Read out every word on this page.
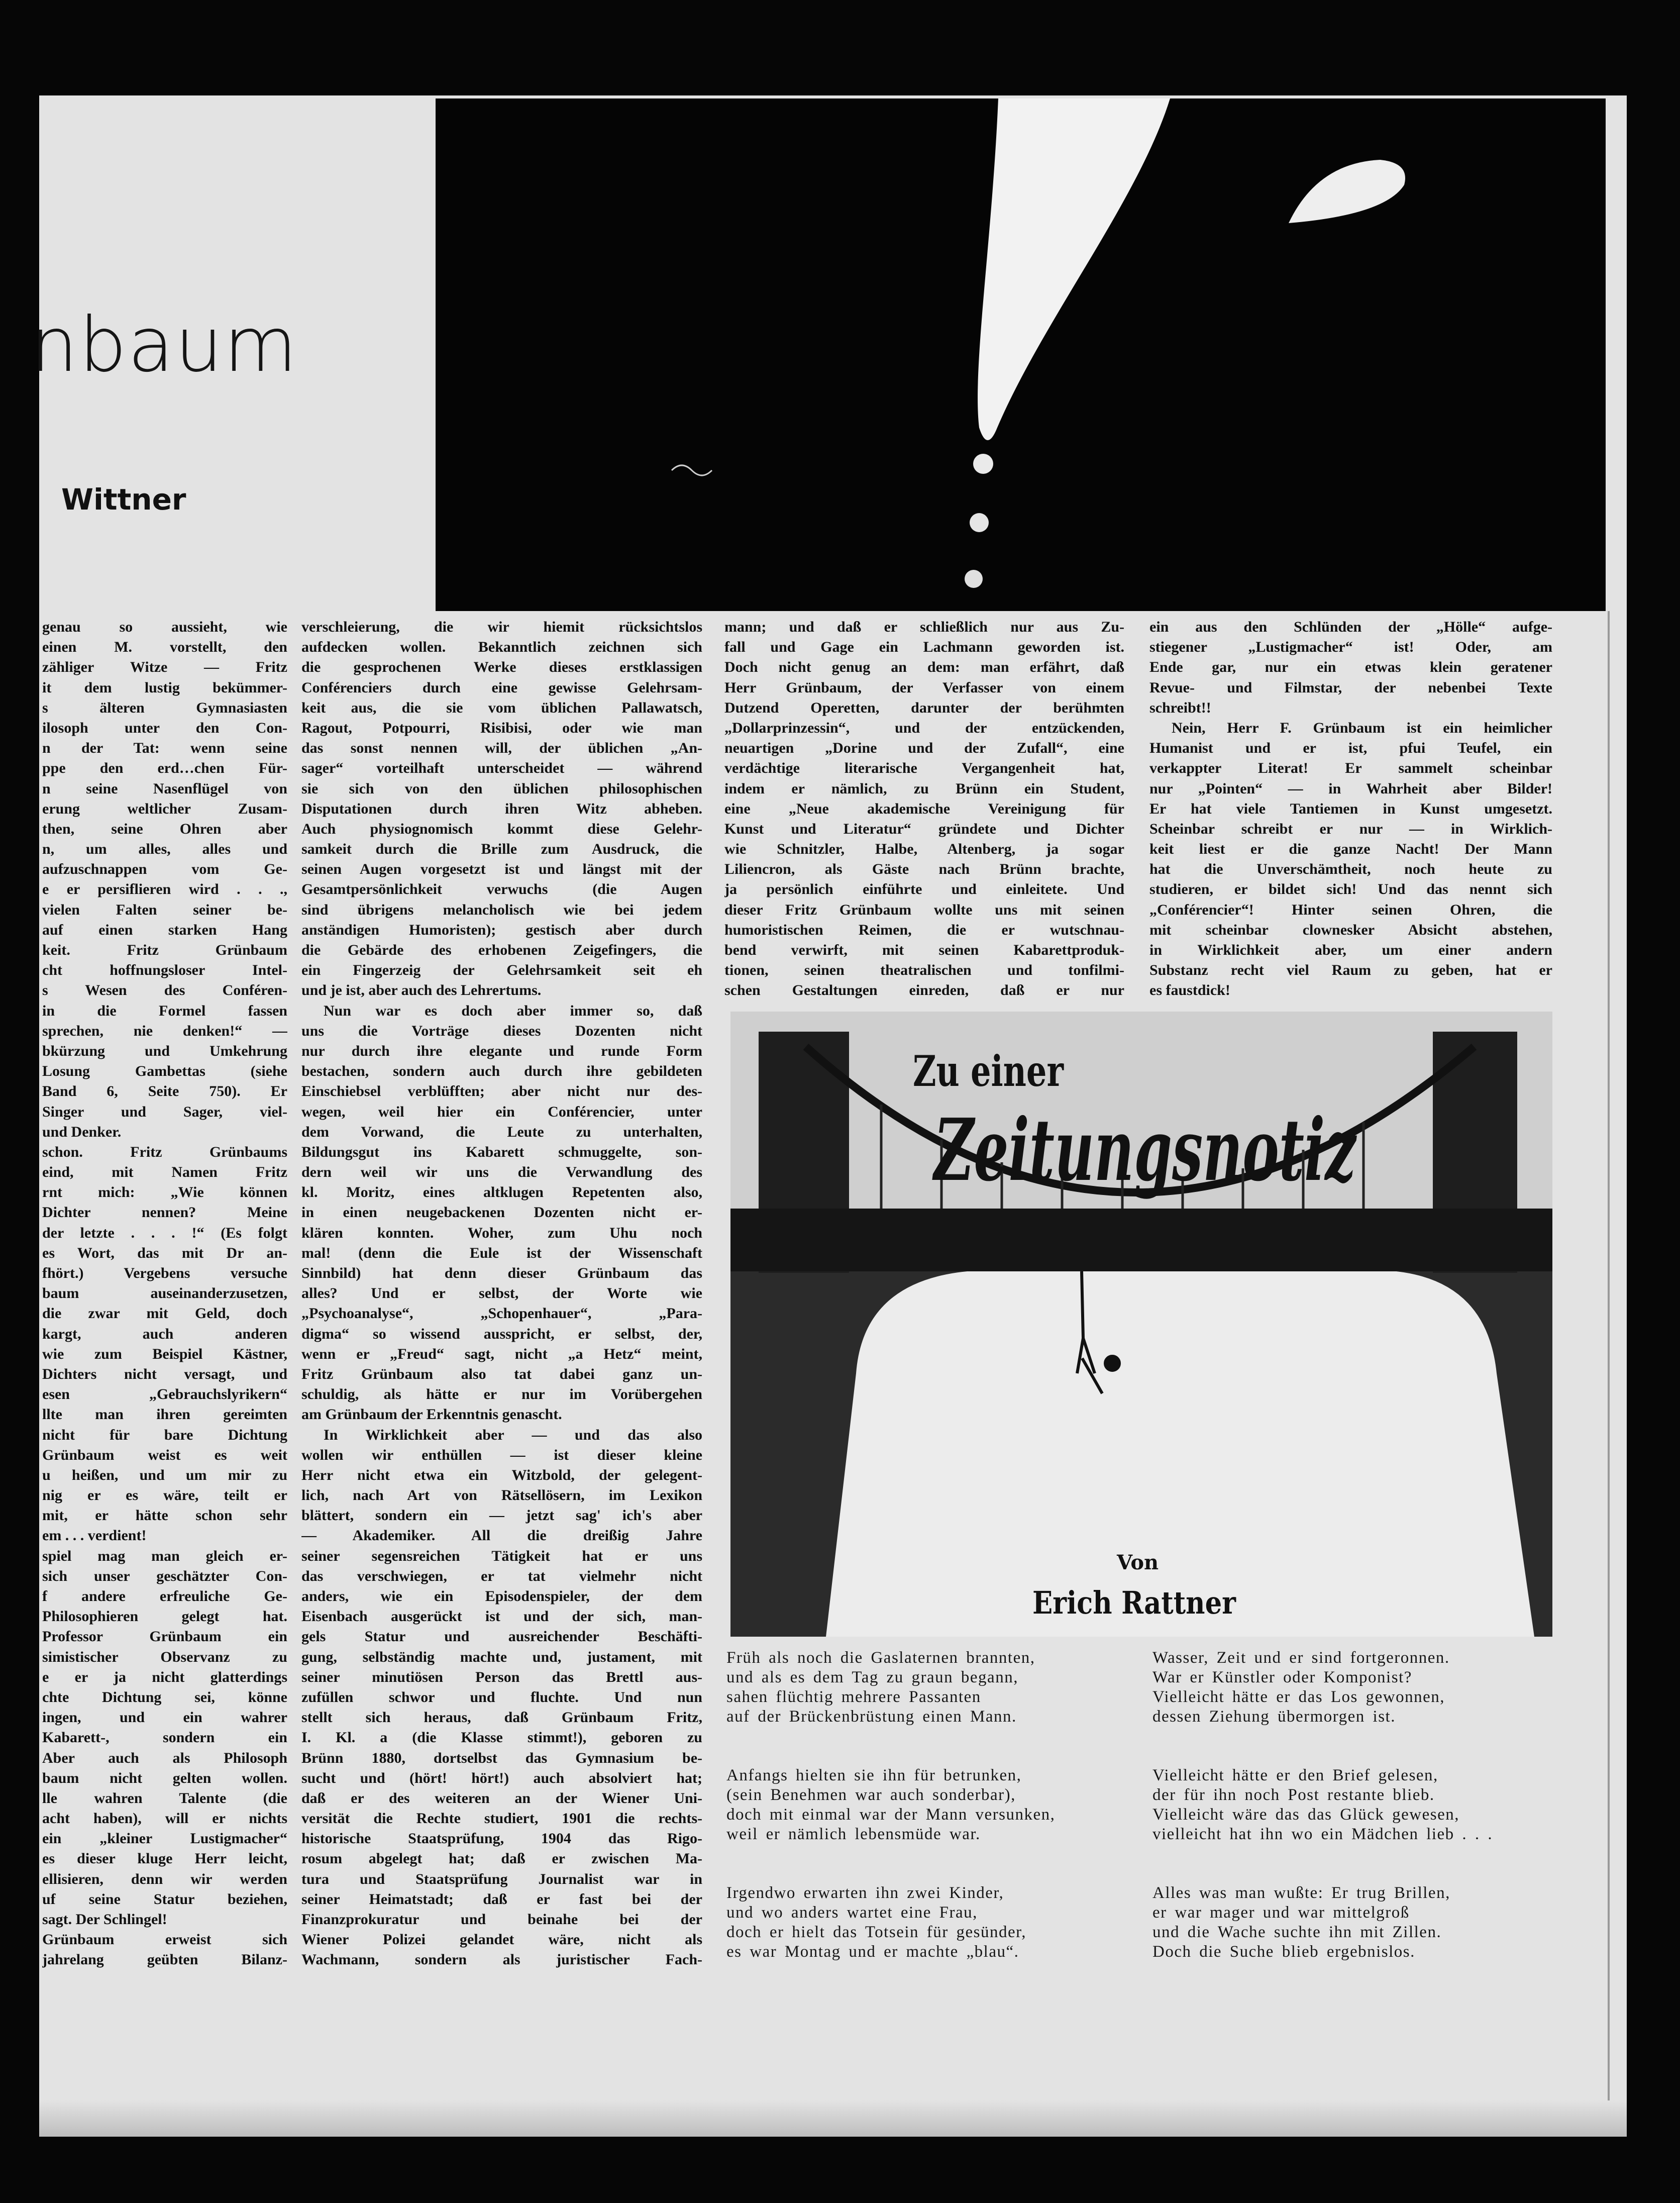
nbaum
Wittner
genau so aussieht, wie
einen M. vorstellt, den
zähliger Witze — Fritz
it dem lustig bekümmer-
s älteren Gymnasiasten
ilosoph unter den Con-
n der Tat: wenn seine
ppe den erd…chen Für-
n seine Nasenflügel von
erung weltlicher Zusam-
then, seine Ohren aber
n, um alles, alles und
aufzuschnappen vom Ge-
e er persiflieren wird . . .,
vielen Falten seiner be-
auf einen starken Hang
keit. Fritz Grünbaum
cht hoffnungsloser Intel-
s Wesen des Conféren-
in die Formel fassen
sprechen, nie denken!“ —
bkürzung und Umkehrung
Losung Gambettas (siehe
Band 6, Seite 750). Er
Singer und Sager, viel-
und Denker.
schon. Fritz Grünbaums
eind, mit Namen Fritz
rnt mich: „Wie können
Dichter nennen? Meine
der letzte . . . !“ (Es folgt
es Wort, das mit Dr an-
fhört.) Vergebens versuche
baum auseinanderzusetzen,
die zwar mit Geld, doch
kargt, auch anderen
wie zum Beispiel Kästner,
Dichters nicht versagt, und
esen „Gebrauchslyrikern“
llte man ihren gereimten
nicht für bare Dichtung
Grünbaum weist es weit
u heißen, und um mir zu
nig er es wäre, teilt er
mit, er hätte schon sehr
em . . . verdient!
spiel mag man gleich er-
sich unser geschätzter Con-
f andere erfreuliche Ge-
Philosophieren gelegt hat.
Professor Grünbaum ein
simistischer Observanz zu
e er ja nicht glatterdings
chte Dichtung sei, könne
ingen, und ein wahrer
Kabarett-, sondern ein
Aber auch als Philosoph
baum nicht gelten wollen.
lle wahren Talente (die
acht haben), will er nichts
ein „kleiner Lustigmacher“
es dieser kluge Herr leicht,
ellisieren, denn wir werden
uf seine Statur beziehen,
sagt. Der Schlingel!
Grünbaum erweist sich
jahrelang geübten Bilanz-
verschleierung, die wir hiemit rücksichtslos
aufdecken wollen. Bekanntlich zeichnen sich
die gesprochenen Werke dieses erstklassigen
Conférenciers durch eine gewisse Gelehrsam-
keit aus, die sie vom üblichen Pallawatsch,
Ragout, Potpourri, Risibisi, oder wie man
das sonst nennen will, der üblichen „An-
sager“ vorteilhaft unterscheidet — während
sie sich von den üblichen philosophischen
Disputationen durch ihren Witz abheben.
Auch physiognomisch kommt diese Gelehr-
samkeit durch die Brille zum Ausdruck, die
seinen Augen vorgesetzt ist und längst mit der
Gesamtpersönlichkeit verwuchs (die Augen
sind übrigens melancholisch wie bei jedem
anständigen Humoristen); gestisch aber durch
die Gebärde des erhobenen Zeigefingers, die
ein Fingerzeig der Gelehrsamkeit seit eh
und je ist, aber auch des Lehrertums.
Nun war es doch aber immer so, daß
uns die Vorträge dieses Dozenten nicht
nur durch ihre elegante und runde Form
bestachen, sondern auch durch ihre gebildeten
Einschiebsel verblüfften; aber nicht nur des-
wegen, weil hier ein Conférencier, unter
dem Vorwand, die Leute zu unterhalten,
Bildungsgut ins Kabarett schmuggelte, son-
dern weil wir uns die Verwandlung des
kl. Moritz, eines altklugen Repetenten also,
in einen neugebackenen Dozenten nicht er-
klären konnten. Woher, zum Uhu noch
mal! (denn die Eule ist der Wissenschaft
Sinnbild) hat denn dieser Grünbaum das
alles? Und er selbst, der Worte wie
„Psychoanalyse“, „Schopenhauer“, „Para-
digma“ so wissend ausspricht, er selbst, der,
wenn er „Freud“ sagt, nicht „a Hetz“ meint,
Fritz Grünbaum also tat dabei ganz un-
schuldig, als hätte er nur im Vorübergehen
am Grünbaum der Erkenntnis genascht.
In Wirklichkeit aber — und das also
wollen wir enthüllen — ist dieser kleine
Herr nicht etwa ein Witzbold, der gelegent-
lich, nach Art von Rätsellösern, im Lexikon
blättert, sondern ein — jetzt sag' ich's aber
— Akademiker. All die dreißig Jahre
seiner segensreichen Tätigkeit hat er uns
das verschwiegen, er tat vielmehr nicht
anders, wie ein Episodenspieler, der dem
Eisenbach ausgerückt ist und der sich, man-
gels Statur und ausreichender Beschäfti-
gung, selbständig machte und, justament, mit
seiner minutiösen Person das Brettl aus-
zufüllen schwor und fluchte. Und nun
stellt sich heraus, daß Grünbaum Fritz,
I. Kl. a (die Klasse stimmt!), geboren zu
Brünn 1880, dortselbst das Gymnasium be-
sucht und (hört! hört!) auch absolviert hat;
daß er des weiteren an der Wiener Uni-
versität die Rechte studiert, 1901 die rechts-
historische Staatsprüfung, 1904 das Rigo-
rosum abgelegt hat; daß er zwischen Ma-
tura und Staatsprüfung Journalist war in
seiner Heimatstadt; daß er fast bei der
Finanzprokuratur und beinahe bei der
Wiener Polizei gelandet wäre, nicht als
Wachmann, sondern als juristischer Fach-
mann; und daß er schließlich nur aus Zu-
fall und Gage ein Lachmann geworden ist.
Doch nicht genug an dem: man erfährt, daß
Herr Grünbaum, der Verfasser von einem
Dutzend Operetten, darunter der berühmten
„Dollarprinzessin“, und der entzückenden,
neuartigen „Dorine und der Zufall“, eine
verdächtige literarische Vergangenheit hat,
indem er nämlich, zu Brünn ein Student,
eine „Neue akademische Vereinigung für
Kunst und Literatur“ gründete und Dichter
wie Schnitzler, Halbe, Altenberg, ja sogar
Liliencron, als Gäste nach Brünn brachte,
ja persönlich einführte und einleitete. Und
dieser Fritz Grünbaum wollte uns mit seinen
humoristischen Reimen, die er wutschnau-
bend verwirft, mit seinen Kabarettproduk-
tionen, seinen theatralischen und tonfilmi-
schen Gestaltungen einreden, daß er nur
ein aus den Schlünden der „Hölle“ aufge-
stiegener „Lustigmacher“ ist! Oder, am
Ende gar, nur ein etwas klein geratener
Revue- und Filmstar, der nebenbei Texte
schreibt!!
Nein, Herr F. Grünbaum ist ein heimlicher
Humanist und er ist, pfui Teufel, ein
verkappter Literat! Er sammelt scheinbar
nur „Pointen“ — in Wahrheit aber Bilder!
Er hat viele Tantiemen in Kunst umgesetzt.
Scheinbar schreibt er nur — in Wirklich-
keit liest er die ganze Nacht! Der Mann
hat die Unverschämtheit, noch heute zu
studieren, er bildet sich! Und das nennt sich
„Conférencier“! Hinter seinen Ohren, die
mit scheinbar clownesker Absicht abstehen,
in Wirklichkeit aber, um einer andern
Substanz recht viel Raum zu geben, hat er
es faustdick!
Zu einer
Zeitungsnotiz
Von
Erich Rattner
Früh als noch die Gaslaternen brannten,
und als es dem Tag zu graun begann,
sahen flüchtig mehrere Passanten
auf der Brückenbrüstung einen Mann.
Anfangs hielten sie ihn für betrunken,
(sein Benehmen war auch sonderbar),
doch mit einmal war der Mann versunken,
weil er nämlich lebensmüde war.
Irgendwo erwarten ihn zwei Kinder,
und wo anders wartet eine Frau,
doch er hielt das Totsein für gesünder,
es war Montag und er machte „blau“.
Wasser, Zeit und er sind fortgeronnen.
War er Künstler oder Komponist?
Vielleicht hätte er das Los gewonnen,
dessen Ziehung übermorgen ist.
Vielleicht hätte er den Brief gelesen,
der für ihn noch Post restante blieb.
Vielleicht wäre das das Glück gewesen,
vielleicht hat ihn wo ein Mädchen lieb . . .
Alles was man wußte: Er trug Brillen,
er war mager und war mittelgroß
und die Wache suchte ihn mit Zillen.
Doch die Suche blieb ergebnislos.
